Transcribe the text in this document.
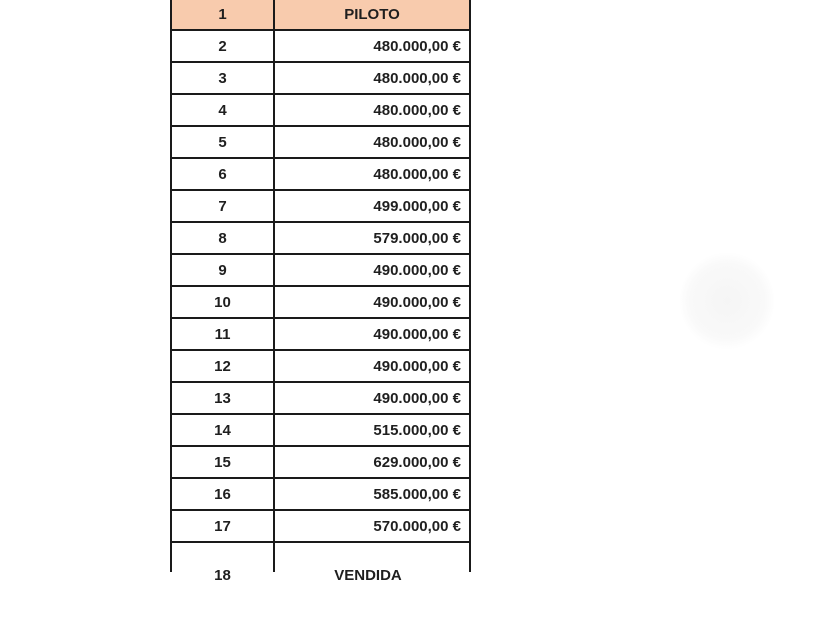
1	PILOTO
2	480.000,00 €
3	480.000,00 €
4	480.000,00 €
5	480.000,00 €
6	480.000,00 €
7	499.000,00 €
8	579.000,00 €
9	490.000,00 €
10	490.000,00 €
11	490.000,00 €
12	490.000,00 €
13	490.000,00 €
14	515.000,00 €
15	629.000,00 €
16	585.000,00 €
17	570.000,00 €
18	VENDIDA
